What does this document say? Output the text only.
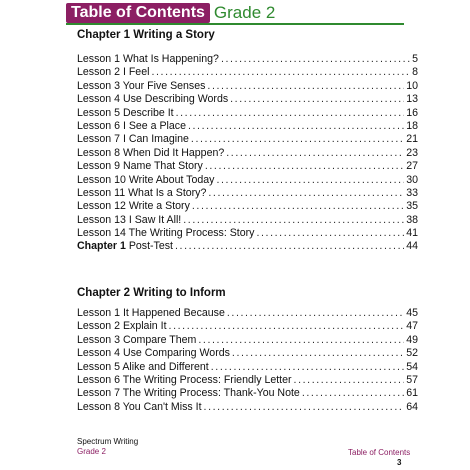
Table of Contents Grade 2
Chapter 1 Writing a Story
Lesson 1 What Is Happening? .....	5
Lesson 2 I Feel .....	8
Lesson 3 Your Five Senses .....	10
Lesson 4 Use Describing Words .....	13
Lesson 5 Describe It .....	16
Lesson 6 I See a Place .....	18
Lesson 7 I Can Imagine .....	21
Lesson 8 When Did It Happen? .....	23
Lesson 9 Name That Story .....	27
Lesson 10 Write About Today .....	30
Lesson 11 What Is a Story? .....	33
Lesson 12 Write a Story .....	35
Lesson 13 I Saw It All! .....	38
Lesson 14 The Writing Process: Story .....	41
Chapter 1 Post-Test .....	44
Chapter 2 Writing to Inform
Lesson 1 It Happened Because .....	45
Lesson 2 Explain It .....	47
Lesson 3 Compare Them .....	49
Lesson 4 Use Comparing Words .....	52
Lesson 5 Alike and Different .....	54
Lesson 6 The Writing Process: Friendly Letter .....	57
Lesson 7 The Writing Process: Thank-You Note .....	61
Lesson 8 You Can't Miss It .....	64
Spectrum Writing
Grade 2	Table of Contents
3
